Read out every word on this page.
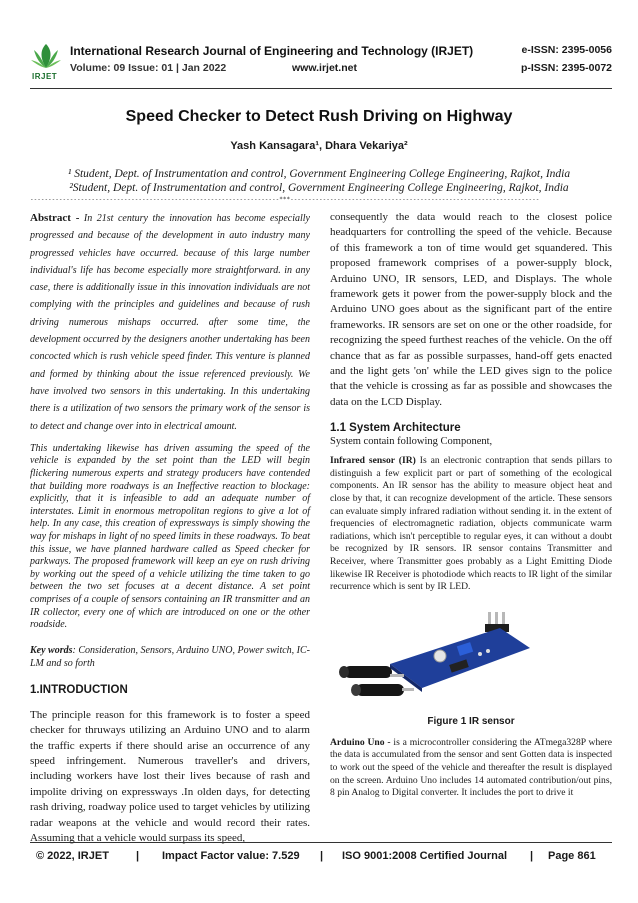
IRJET
International Research Journal of Engineering and Technology (IRJET)	e-ISSN: 2395-0056
Volume: 09 Issue: 01 | Jan 2022	www.irjet.net	p-ISSN: 2395-0072
Speed Checker to Detect Rush Driving on Highway
Yash Kansagara¹, Dhara Vekariya²
¹ Student, Dept. of Instrumentation and control, Government Engineering College Engineering, Rajkot, India
²Student, Dept. of Instrumentation and control, Government Engineering College Engineering, Rajkot, India
---------------------------------------------------------------------***---------------------------------------------------------------------

Abstract - In 21st century the innovation has become especially progressed and because of the development in auto industry many progressed vehicles have occurred. because of this large number individual's life has become especially more straightforward. in any case, there is additionally issue in this innovation individuals are not complying with the principles and guidelines and because of rush driving numerous mishaps occurred. after some time, the development occurred by the designers another undertaking has been concocted which is rush vehicle speed finder. This venture is planned and formed by thinking about the issue referenced previously. We have involved two sensors in this undertaking. In this undertaking there is a utilization of two sensors the primary work of the sensor is to detect and change over into in electrical amount.

This undertaking likewise has driven assuming the speed of the vehicle is expanded by the set point than the LED will begin flickering numerous experts and strategy producers have contended that building more roadways is an Ineffective reaction to blockage: explicitly, that it is infeasible to add an adequate number of interstates. Limit in enormous metropolitan regions to give a lot of help. In any case, this creation of expressways is simply showing the way for mishaps in light of no speed limits in these roadways. To beat this issue, we have planned hardware called as Speed checker for parkways. The proposed framework will keep an eye on rush driving by working out the speed of a vehicle utilizing the time taken to go between the two set focuses at a decent distance. A set point comprises of a couple of sensors containing an IR transmitter and an IR collector, every one of which are introduced on one or the other roadside.

Key words: Consideration, Sensors, Arduino UNO, Power switch, IC-LM and so forth

1.INTRODUCTION

The principle reason for this framework is to foster a speed checker for thruways utilizing an Arduino UNO and to alarm the traffic experts if there should arise an occurrence of any speed infringement. Numerous traveller's and drivers, including workers have lost their lives because of rash and impolite driving on expressways .In olden days, for detecting rash driving, roadway police used to target vehicles by utilizing radar weapons at the vehicle and would record their rates. Assuming that a vehicle would surpass its speed,

consequently the data would reach to the closest police headquarters for controlling the speed of the vehicle. Because of this framework a ton of time would get squandered. This proposed framework comprises of a power-supply block, Arduino UNO, IR sensors, LED, and Displays. The whole framework gets it power from the power-supply block and the Arduino UNO goes about as the significant part of the entire frameworks. IR sensors are set on one or the other roadside, for recognizing the speed furthest reaches of the vehicle. On the off chance that as far as possible surpasses, hand-off gets enacted and the light gets 'on' while the LED gives sign to the police that the vehicle is crossing as far as possible and showcases the data on the LCD Display.

1.1 System Architecture

System contain following Component,

Infrared sensor (IR) Is an electronic contraption that sends pillars to distinguish a few explicit part or part of something of the ecological components. An IR sensor has the ability to measure object heat and close by that, it can recognize development of the article. These sensors can evaluate simply infrared radiation without sending it. in the extent of frequencies of electromagnetic radiation, objects communicate warm radiations, which isn't perceptible to regular eyes, it can without a doubt be recognized by IR sensors. IR sensor contains Transmitter and Receiver, where Transmitter goes probably as a Light Emitting Diode likewise IR Receiver is photodiode which reacts to IR light of the similar recurrence which is sent by IR LED.

Figure 1 IR sensor

Arduino Uno - is a microcontroller considering the ATmega328P where the data is accumulated from the sensor and sent Gotten data is inspected to work out the speed of the vehicle and thereafter the result is displayed on the screen. Arduino Uno includes 14 automated contribution/out pins, 8 pin Analog to Digital converter. It includes the port to drive it

© 2022, IRJET | Impact Factor value: 7.529 | ISO 9001:2008 Certified Journal | Page 861
